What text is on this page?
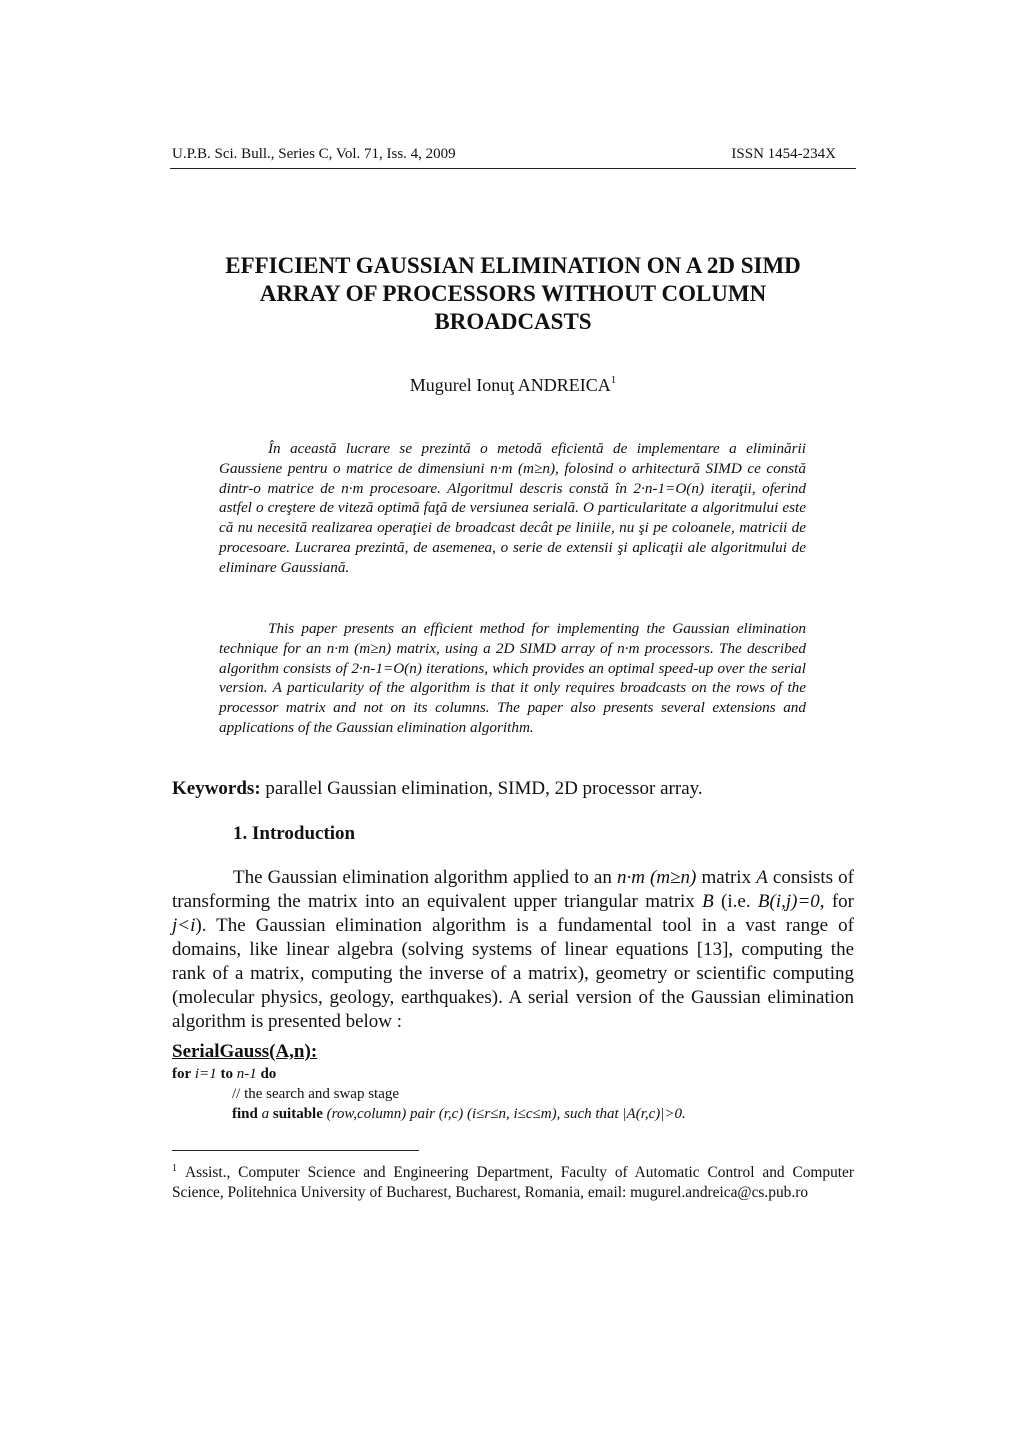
U.P.B. Sci. Bull., Series C, Vol. 71, Iss. 4, 2009	ISSN 1454-234X
EFFICIENT GAUSSIAN ELIMINATION ON A 2D SIMD
ARRAY OF PROCESSORS WITHOUT COLUMN
BROADCASTS
Mugurel Ionuţ ANDREICA$^1$

În această lucrare se prezintă o metodă eficientă de implementare a eliminării Gaussiene pentru o matrice de dimensiuni n·m (m≥n), folosind o arhitectură SIMD ce constă dintr-o matrice de n·m procesoare. Algoritmul descris constă în 2·n-1=O(n) iteraţii, oferind astfel o creştere de viteză optimă faţă de versiunea serială. O particularitate a algoritmului este că nu necesită realizarea operaţiei de broadcast decât pe liniile, nu şi pe coloanele, matricii de procesoare. Lucrarea prezintă, de asemenea, o serie de extensii şi aplicaţii ale algoritmului de eliminare Gaussiană.

This paper presents an efficient method for implementing the Gaussian elimination technique for an n·m (m≥n) matrix, using a 2D SIMD array of n·m processors. The described algorithm consists of 2·n-1=O(n) iterations, which provides an optimal speed-up over the serial version. A particularity of the algorithm is that it only requires broadcasts on the rows of the processor matrix and not on its columns. The paper also presents several extensions and applications of the Gaussian elimination algorithm.

Keywords: parallel Gaussian elimination, SIMD, 2D processor array.
1. Introduction

The Gaussian elimination algorithm applied to an n·m (m≥n) matrix A consists of transforming the matrix into an equivalent upper triangular matrix B (i.e. B(i,j)=0, for j<i). The Gaussian elimination algorithm is a fundamental tool in a vast range of domains, like linear algebra (solving systems of linear equations [13], computing the rank of a matrix, computing the inverse of a matrix), geometry or scientific computing (molecular physics, geology, earthquakes). A serial version of the Gaussian elimination algorithm is presented below :

SerialGauss(A,n):
for i=1 to n-1 do
// the search and swap stage
find a suitable (row,column) pair (r,c) (i≤r≤n, i≤c≤m), such that |A(r,c)|>0.
$^1$ Assist., Computer Science and Engineering Department, Faculty of Automatic Control and Computer Science, Politehnica University of Bucharest, Bucharest, Romania, email: mugurel.andreica@cs.pub.ro
